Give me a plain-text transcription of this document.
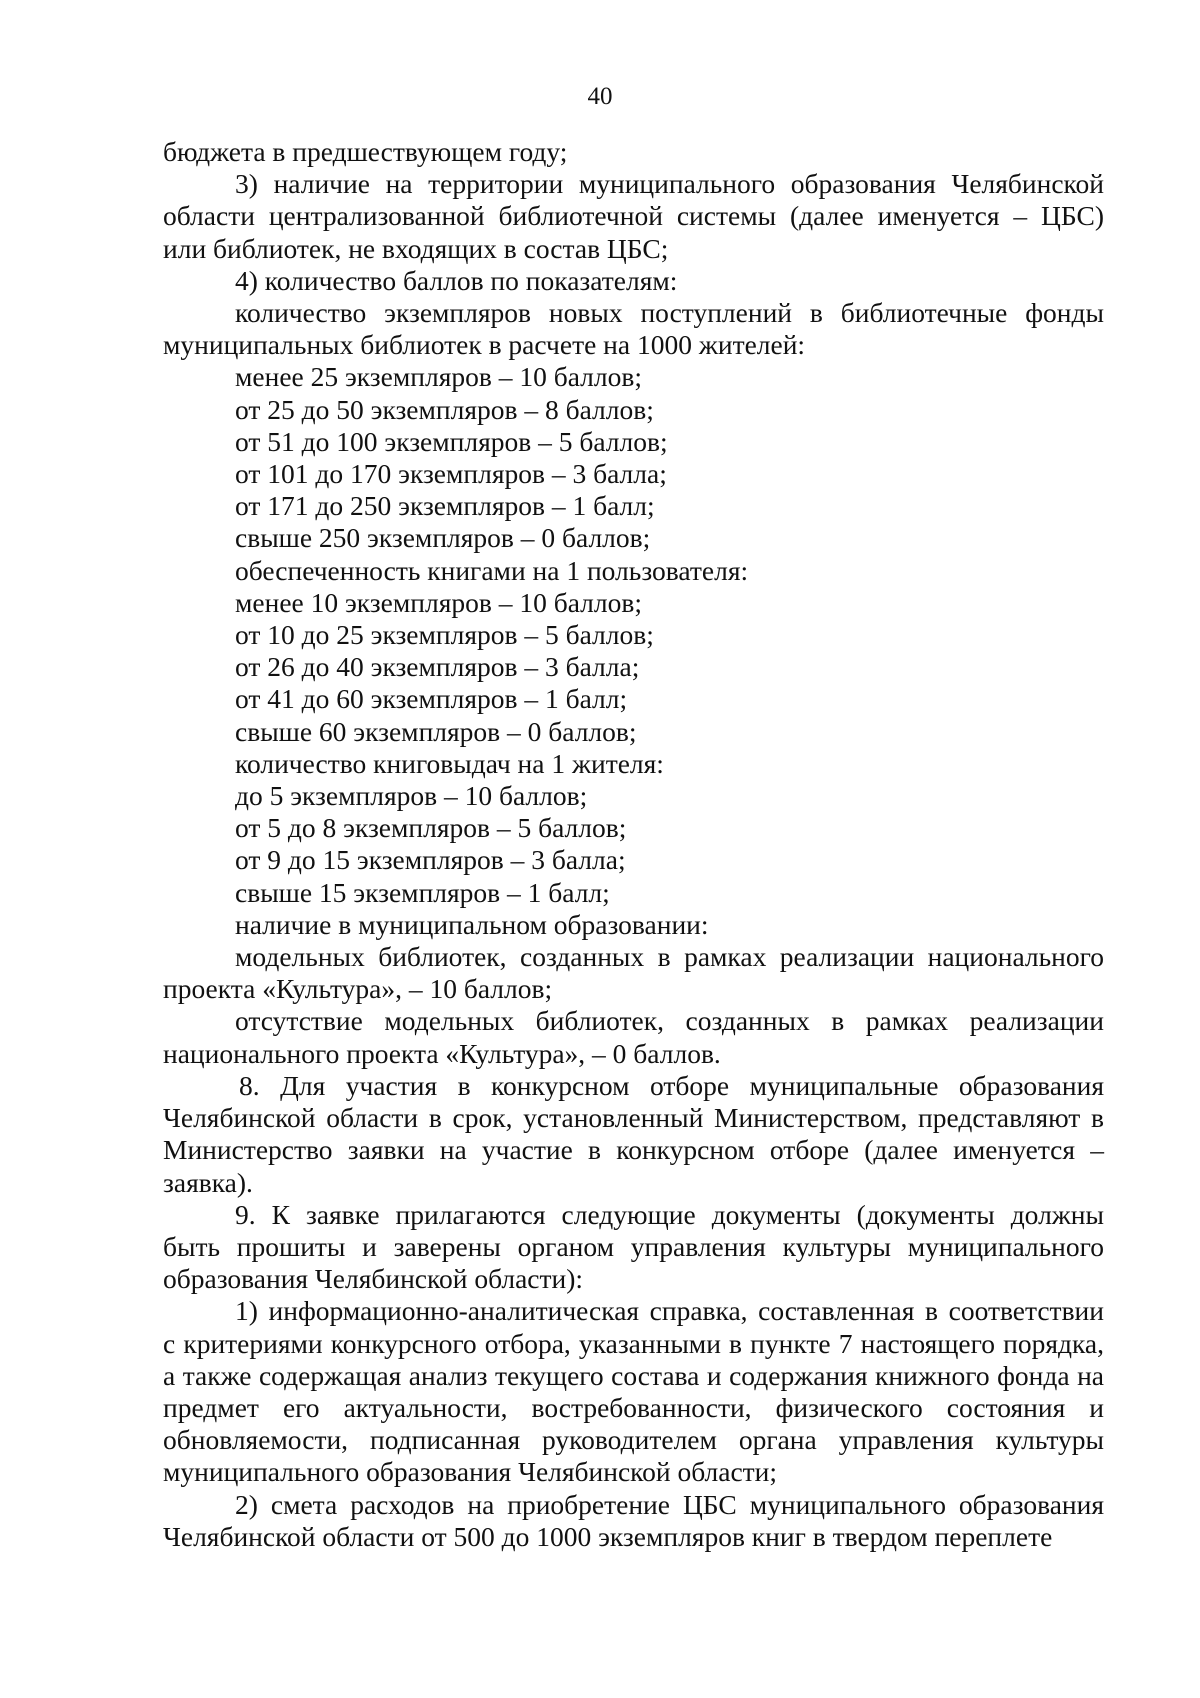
40

бюджета в предшествующем году;

3) наличие на территории муниципального образования Челябинской области централизованной библиотечной системы (далее именуется – ЦБС) или библиотек, не входящих в состав ЦБС;

4) количество баллов по показателям:

количество экземпляров новых поступлений в библиотечные фонды муниципальных библиотек в расчете на 1000 жителей:

менее 25 экземпляров – 10 баллов;

от 25 до 50 экземпляров – 8 баллов;

от 51 до 100 экземпляров – 5 баллов;

от 101 до 170 экземпляров – 3 балла;

от 171 до 250 экземпляров – 1 балл;

свыше 250 экземпляров – 0 баллов;

обеспеченность книгами на 1 пользователя:

менее 10 экземпляров – 10 баллов;

от 10 до 25 экземпляров – 5 баллов;

от 26 до 40 экземпляров – 3 балла;

от 41 до 60 экземпляров – 1 балл;

свыше 60 экземпляров – 0 баллов;

количество книговыдач на 1 жителя:

до 5 экземпляров – 10 баллов;

от 5 до 8 экземпляров – 5 баллов;

от 9 до 15 экземпляров – 3 балла;

свыше 15 экземпляров – 1 балл;

наличие в муниципальном образовании:

модельных библиотек, созданных в рамках реализации национального проекта «Культура», – 10 баллов;

отсутствие модельных библиотек, созданных в рамках реализации национального проекта «Культура», – 0 баллов.

8. Для участия в конкурсном отборе муниципальные образования Челябинской области в срок, установленный Министерством, представляют в Министерство заявки на участие в конкурсном отборе (далее именуется – заявка).

9. К заявке прилагаются следующие документы (документы должны быть прошиты и заверены органом управления культуры муниципального образования Челябинской области):

1) информационно-аналитическая справка, составленная в соответствии с критериями конкурсного отбора, указанными в пункте 7 настоящего порядка, а также содержащая анализ текущего состава и содержания книжного фонда на предмет его актуальности, востребованности, физического состояния и обновляемости, подписанная руководителем органа управления культуры муниципального образования Челябинской области;

2) смета расходов на приобретение ЦБС муниципального образования Челябинской области от 500 до 1000 экземпляров книг в твердом переплете
